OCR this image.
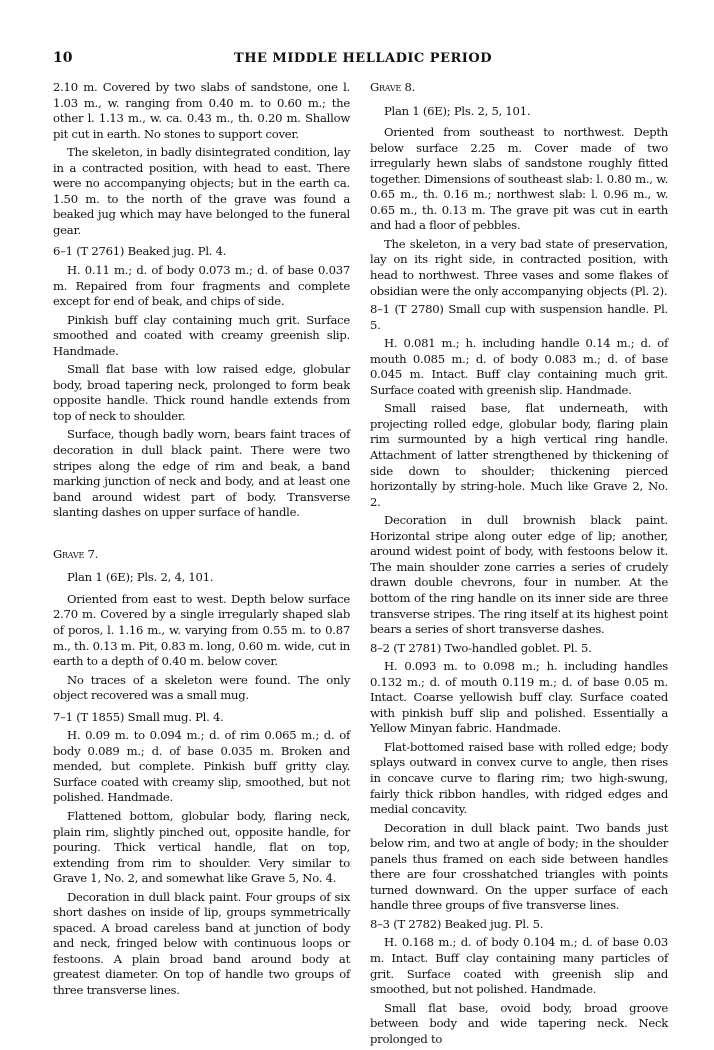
10	THE MIDDLE HELLADIC PERIOD

2.10 m. Covered by two slabs of sandstone, one l. 1.03 m., w. ranging from 0.40 m. to 0.60 m.; the other l. 1.13 m., w. ca. 0.43 m., th. 0.20 m. Shallow pit cut in earth. No stones to support cover.

The skeleton, in badly disintegrated condition, lay in a contracted position, with head to east. There were no accompanying objects; but in the earth ca. 1.50 m. to the north of the grave was found a beaked jug which may have belonged to the funeral gear.

6–1 (T 2761) Beaked jug. Pl. 4.

H. 0.11 m.; d. of body 0.073 m.; d. of base 0.037 m. Repaired from four fragments and complete except for end of beak, and chips of side.

Pinkish buff clay containing much grit. Surface smoothed and coated with creamy greenish slip. Handmade.

Small flat base with low raised edge, globular body, broad tapering neck, prolonged to form beak opposite handle. Thick round handle extends from top of neck to shoulder.

Surface, though badly worn, bears faint traces of decoration in dull black paint. There were two stripes along the edge of rim and beak, a band marking junction of neck and body, and at least one band around widest part of body. Transverse slanting dashes on upper surface of handle.

Grave 7.

Plan 1 (6E); Pls. 2, 4, 101.

Oriented from east to west. Depth below surface 2.70 m. Covered by a single irregularly shaped slab of poros, l. 1.16 m., w. varying from 0.55 m. to 0.87 m., th. 0.13 m. Pit, 0.83 m. long, 0.60 m. wide, cut in earth to a depth of 0.40 m. below cover.

No traces of a skeleton were found. The only object recovered was a small mug.

7–1 (T 1855) Small mug. Pl. 4.

H. 0.09 m. to 0.094 m.; d. of rim 0.065 m.; d. of body 0.089 m.; d. of base 0.035 m. Broken and mended, but complete. Pinkish buff gritty clay. Surface coated with creamy slip, smoothed, but not polished. Handmade.

Flattened bottom, globular body, flaring neck, plain rim, slightly pinched out, opposite handle, for pouring. Thick vertical handle, flat on top, extending from rim to shoulder. Very similar to Grave 1, No. 2, and somewhat like Grave 5, No. 4.

Decoration in dull black paint. Four groups of six short dashes on inside of lip, groups symmetrically spaced. A broad careless band at junction of body and neck, fringed below with continuous loops or festoons. A plain broad band around body at greatest diameter. On top of handle two groups of three transverse lines.

Grave 8.

Plan 1 (6E); Pls. 2, 5, 101.

Oriented from southeast to northwest. Depth below surface 2.25 m. Cover made of two irregularly hewn slabs of sandstone roughly fitted together. Dimensions of southeast slab: l. 0.80 m., w. 0.65 m., th. 0.16 m.; northwest slab: l. 0.96 m., w. 0.65 m., th. 0.13 m. The grave pit was cut in earth and had a floor of pebbles.

The skeleton, in a very bad state of preservation, lay on its right side, in contracted position, with head to northwest. Three vases and some flakes of obsidian were the only accompanying objects (Pl. 2).

8–1 (T 2780) Small cup with suspension handle. Pl. 5.

H. 0.081 m.; h. including handle 0.14 m.; d. of mouth 0.085 m.; d. of body 0.083 m.; d. of base 0.045 m. Intact. Buff clay containing much grit. Surface coated with greenish slip. Handmade.

Small raised base, flat underneath, with projecting rolled edge, globular body, flaring plain rim surmounted by a high vertical ring handle. Attachment of latter strengthened by thickening of side down to shoulder; thickening pierced horizontally by string-hole. Much like Grave 2, No. 2.

Decoration in dull brownish black paint. Horizontal stripe along outer edge of lip; another, around widest point of body, with festoons below it. The main shoulder zone carries a series of crudely drawn double chevrons, four in number. At the bottom of the ring handle on its inner side are three transverse stripes. The ring itself at its highest point bears a series of short transverse dashes.

8–2 (T 2781) Two-handled goblet. Pl. 5.

H. 0.093 m. to 0.098 m.; h. including handles 0.132 m.; d. of mouth 0.119 m.; d. of base 0.05 m. Intact. Coarse yellowish buff clay. Surface coated with pinkish buff slip and polished. Essentially a Yellow Minyan fabric. Handmade.

Flat-bottomed raised base with rolled edge; body splays outward in convex curve to angle, then rises in concave curve to flaring rim; two high-swung, fairly thick ribbon handles, with ridged edges and medial concavity.

Decoration in dull black paint. Two bands just below rim, and two at angle of body; in the shoulder panels thus framed on each side between handles there are four crosshatched triangles with points turned downward. On the upper surface of each handle three groups of five transverse lines.

8–3 (T 2782) Beaked jug. Pl. 5.

H. 0.168 m.; d. of body 0.104 m.; d. of base 0.03 m. Intact. Buff clay containing many particles of grit. Surface coated with greenish slip and smoothed, but not polished. Handmade.

Small flat base, ovoid body, broad groove between body and wide tapering neck. Neck prolonged to
